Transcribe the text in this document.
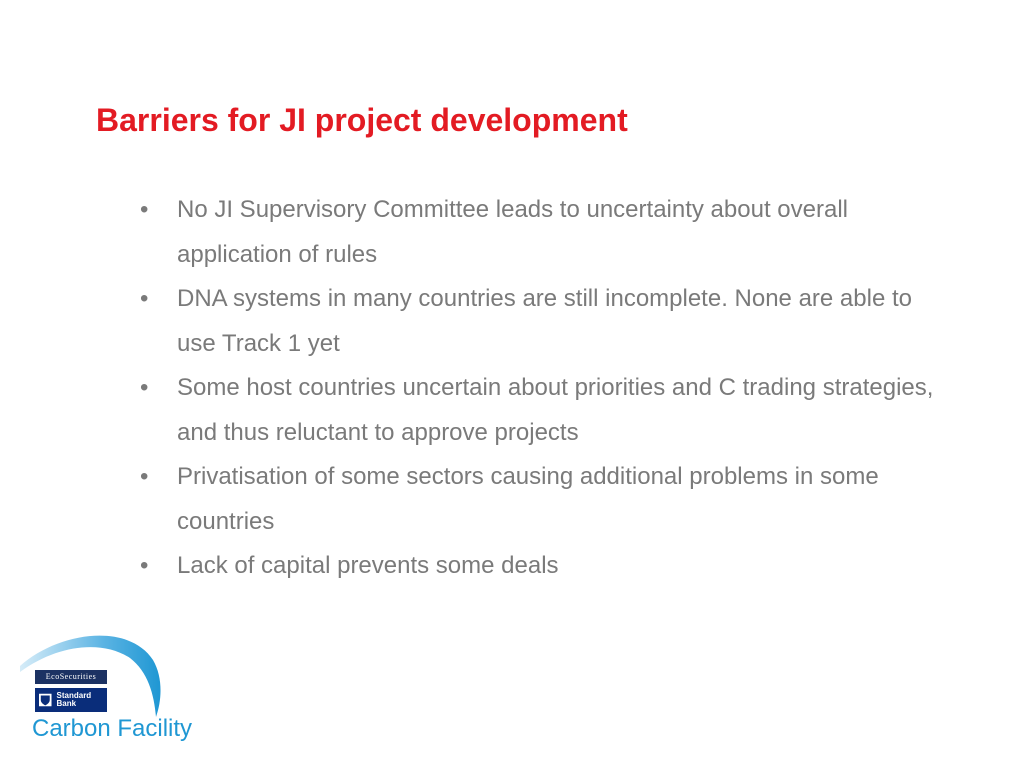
Barriers for JI project development
• No JI Supervisory Committee leads to uncertainty about overall application of rules
• DNA systems in many countries are still incomplete. None are able to use Track 1 yet
• Some host countries uncertain about priorities and C trading strategies, and thus reluctant to approve projects
• Privatisation of some sectors causing additional problems in some countries
• Lack of capital prevents some deals
EcoSecurities
Standard Bank
Carbon Facility
